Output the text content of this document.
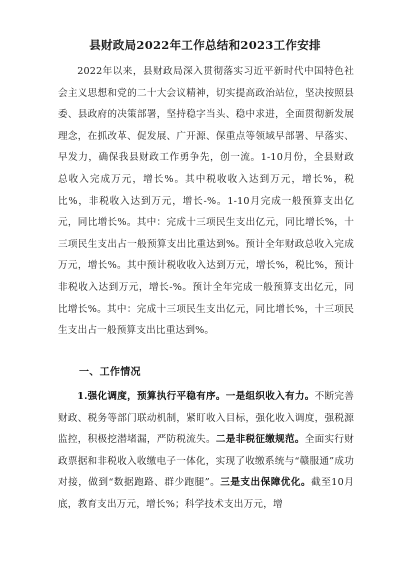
县财政局2022年工作总结和2023工作安排

2022年以来，县财政局深入贯彻落实习近平新时代中国特色社会主义思想和党的二十大会议精神，切实提高政治站位，坚决按照县委、县政府的决策部署，坚持稳字当头、稳中求进，全面贯彻新发展理念，在抓改革、促发展、广开源、保重点等领域早部署、早落实、早发力，确保我县财政工作勇争先，创一流。1-10月份，全县财政总收入完成万元，增长%。其中税收收入达到万元，增长%，税比%，非税收入达到万元，增长-%。1-10月完成一般预算支出亿元，同比增长%。其中：完成十三项民生支出亿元，同比增长%，十三项民生支出占一般预算支出比重达到%。预计全年财政总收入完成万元，增长%。其中预计税收收入达到万元，增长%，税比%，预计非税收入达到万元，增长-%。预计全年完成一般预算支出亿元，同比增长%。其中：完成十三项民生支出亿元，同比增长%，十三项民生支出占一般预算支出比重达到%。

一、工作情况

1.强化调度，预算执行平稳有序。一是组织收入有力。不断完善财政、税务等部门联动机制，紧盯收入目标，强化收入调度，强税源监控，积极挖潜堵漏，严防税流失。二是非税征缴规范。全面实行财政票据和非税收入收缴电子一体化，实现了收缴系统与“赣服通”成功对接，做到“数据跑路、群少跑腿”。三是支出保障优化。截至10月底，教育支出万元，增长%；科学技术支出万元，增
